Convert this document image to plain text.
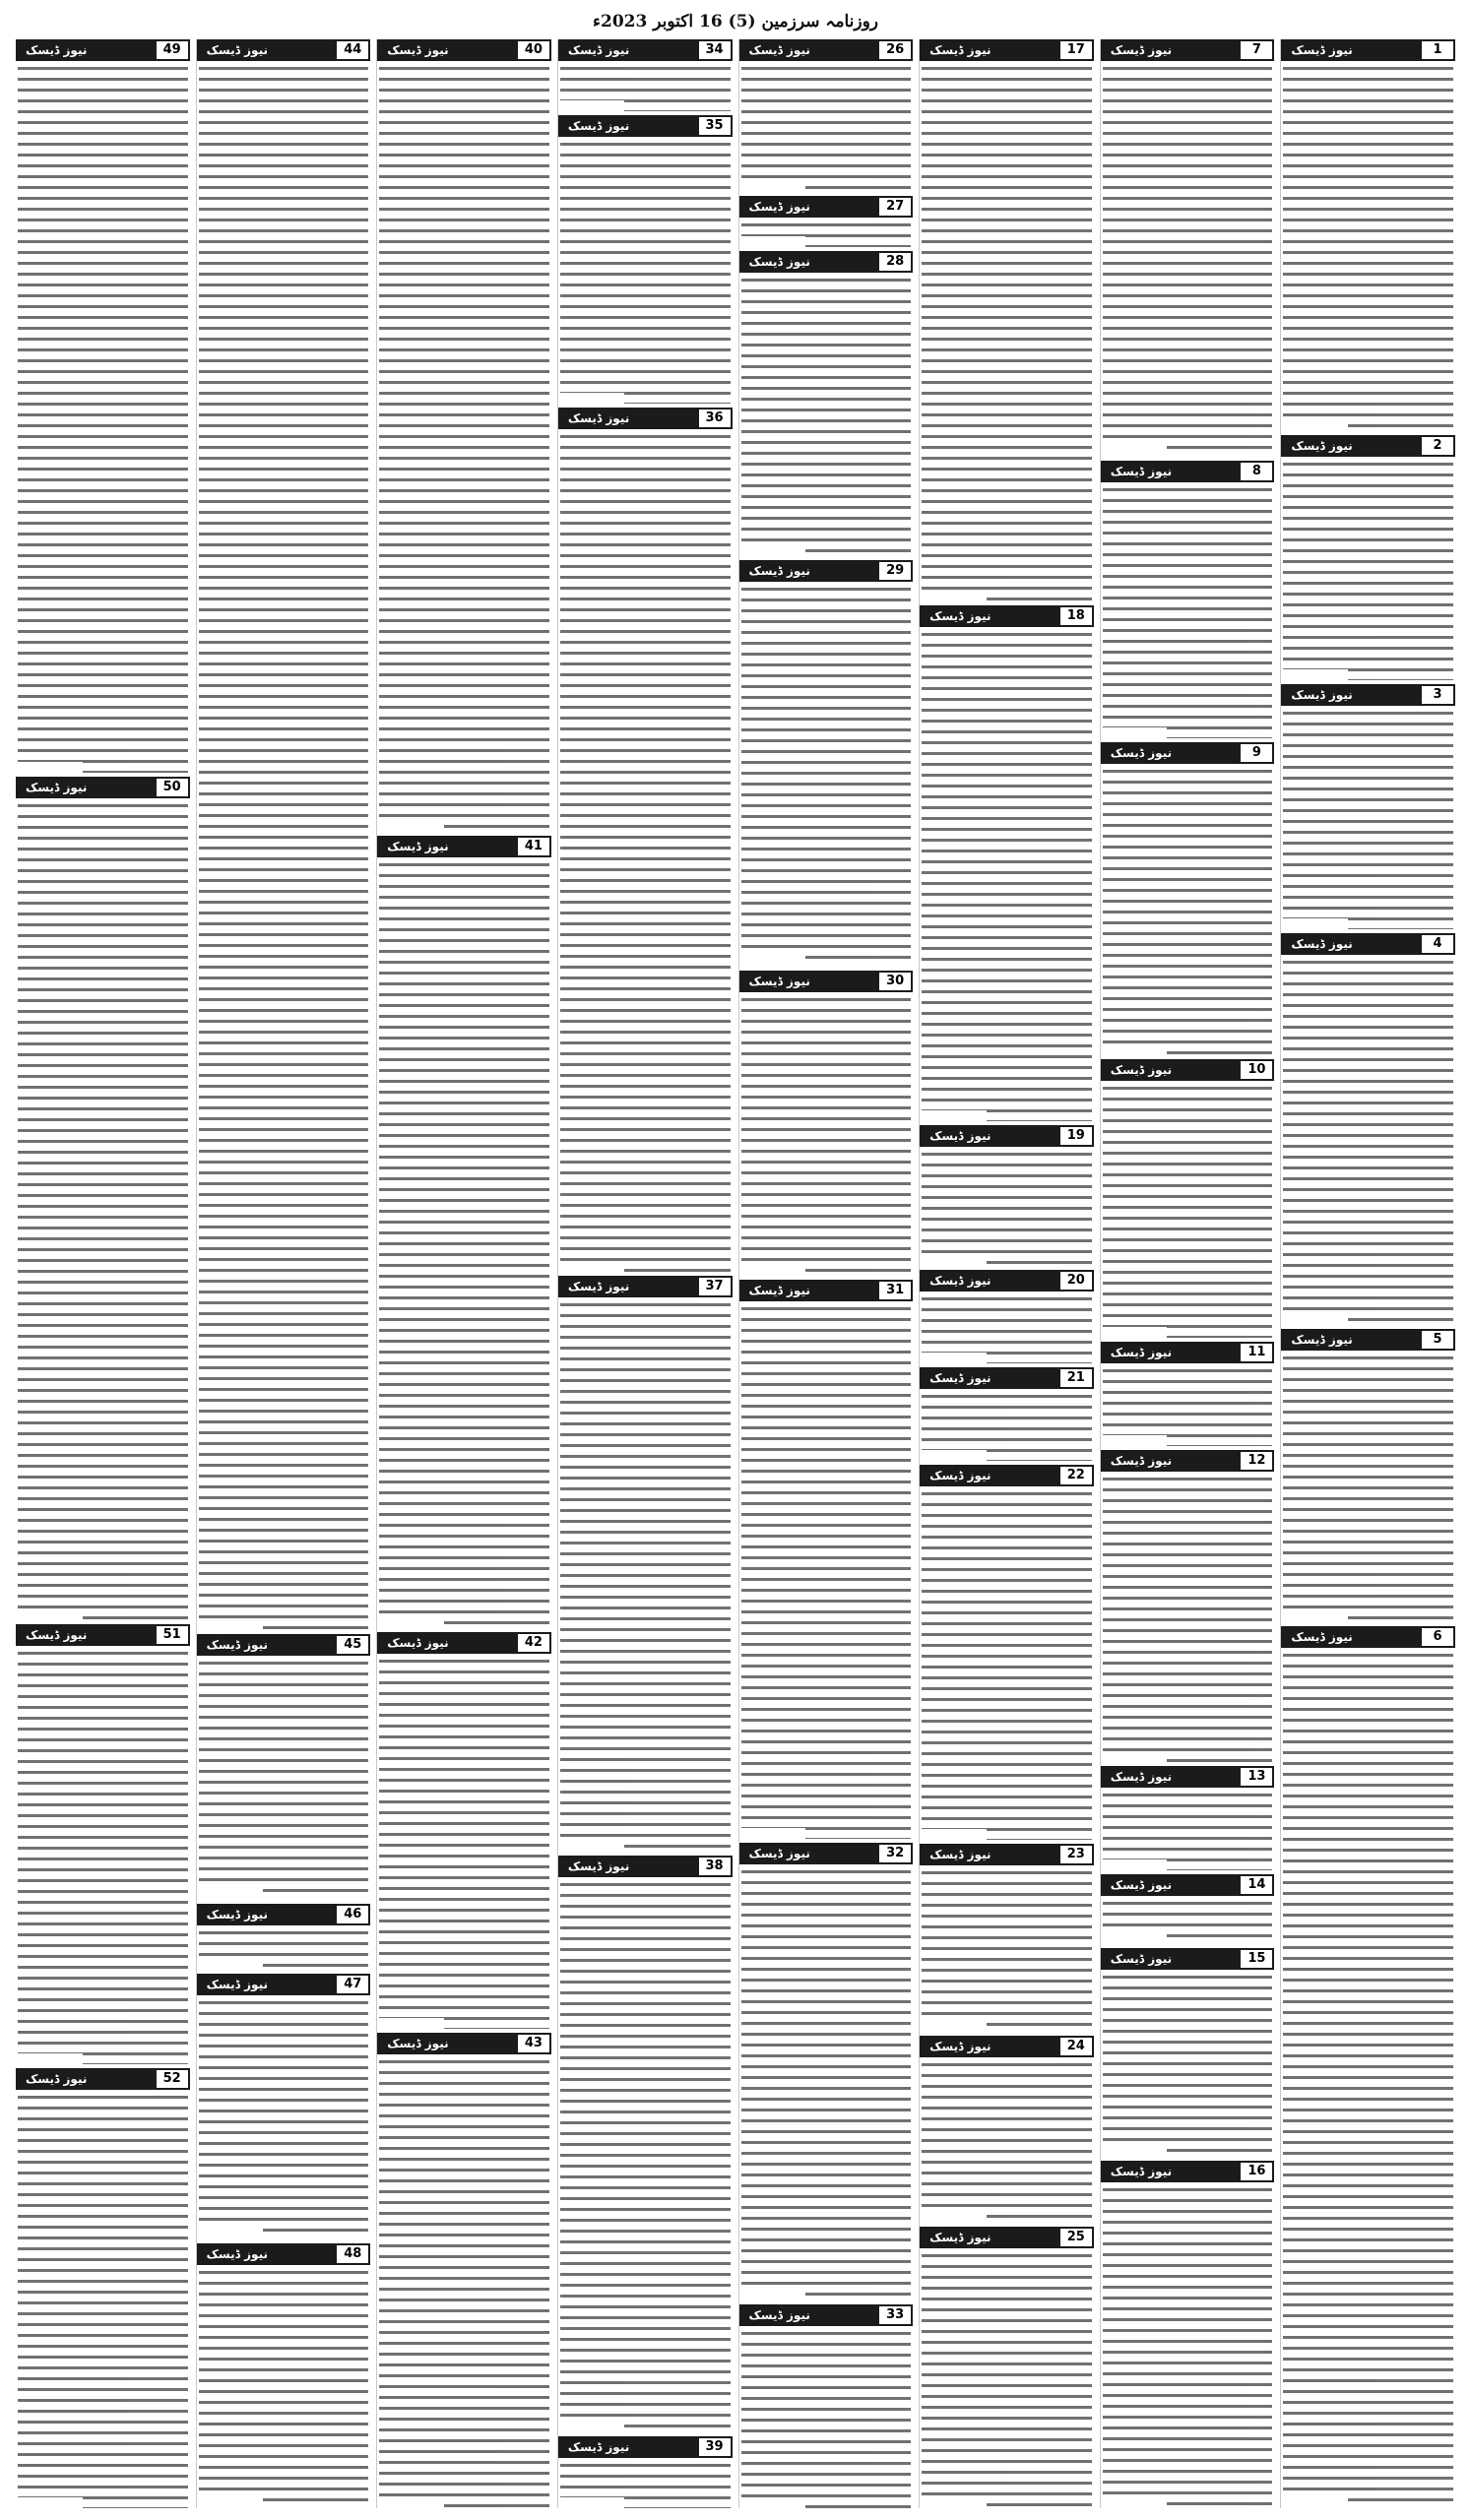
روزنامہ سرزمین (5) 16 اکتوبر 2023ء
1
نیوز ڈیسک
2
نیوز ڈیسک
3
نیوز ڈیسک
4
نیوز ڈیسک
5
نیوز ڈیسک
6
نیوز ڈیسک
7
نیوز ڈیسک
8
نیوز ڈیسک
9
نیوز ڈیسک
10
نیوز ڈیسک
11
نیوز ڈیسک
12
نیوز ڈیسک
13
نیوز ڈیسک
14
نیوز ڈیسک
15
نیوز ڈیسک
16
نیوز ڈیسک
17
نیوز ڈیسک
18
نیوز ڈیسک
19
نیوز ڈیسک
20
نیوز ڈیسک
21
نیوز ڈیسک
22
نیوز ڈیسک
23
نیوز ڈیسک
24
نیوز ڈیسک
25
نیوز ڈیسک
26
نیوز ڈیسک
27
نیوز ڈیسک
28
نیوز ڈیسک
29
نیوز ڈیسک
30
نیوز ڈیسک
31
نیوز ڈیسک
32
نیوز ڈیسک
33
نیوز ڈیسک
34
نیوز ڈیسک
35
نیوز ڈیسک
36
نیوز ڈیسک
37
نیوز ڈیسک
38
نیوز ڈیسک
39
نیوز ڈیسک
40
نیوز ڈیسک
41
نیوز ڈیسک
42
نیوز ڈیسک
43
نیوز ڈیسک
44
نیوز ڈیسک
45
نیوز ڈیسک
46
نیوز ڈیسک
47
نیوز ڈیسک
48
نیوز ڈیسک
49
نیوز ڈیسک
50
نیوز ڈیسک
51
نیوز ڈیسک
52
نیوز ڈیسک
